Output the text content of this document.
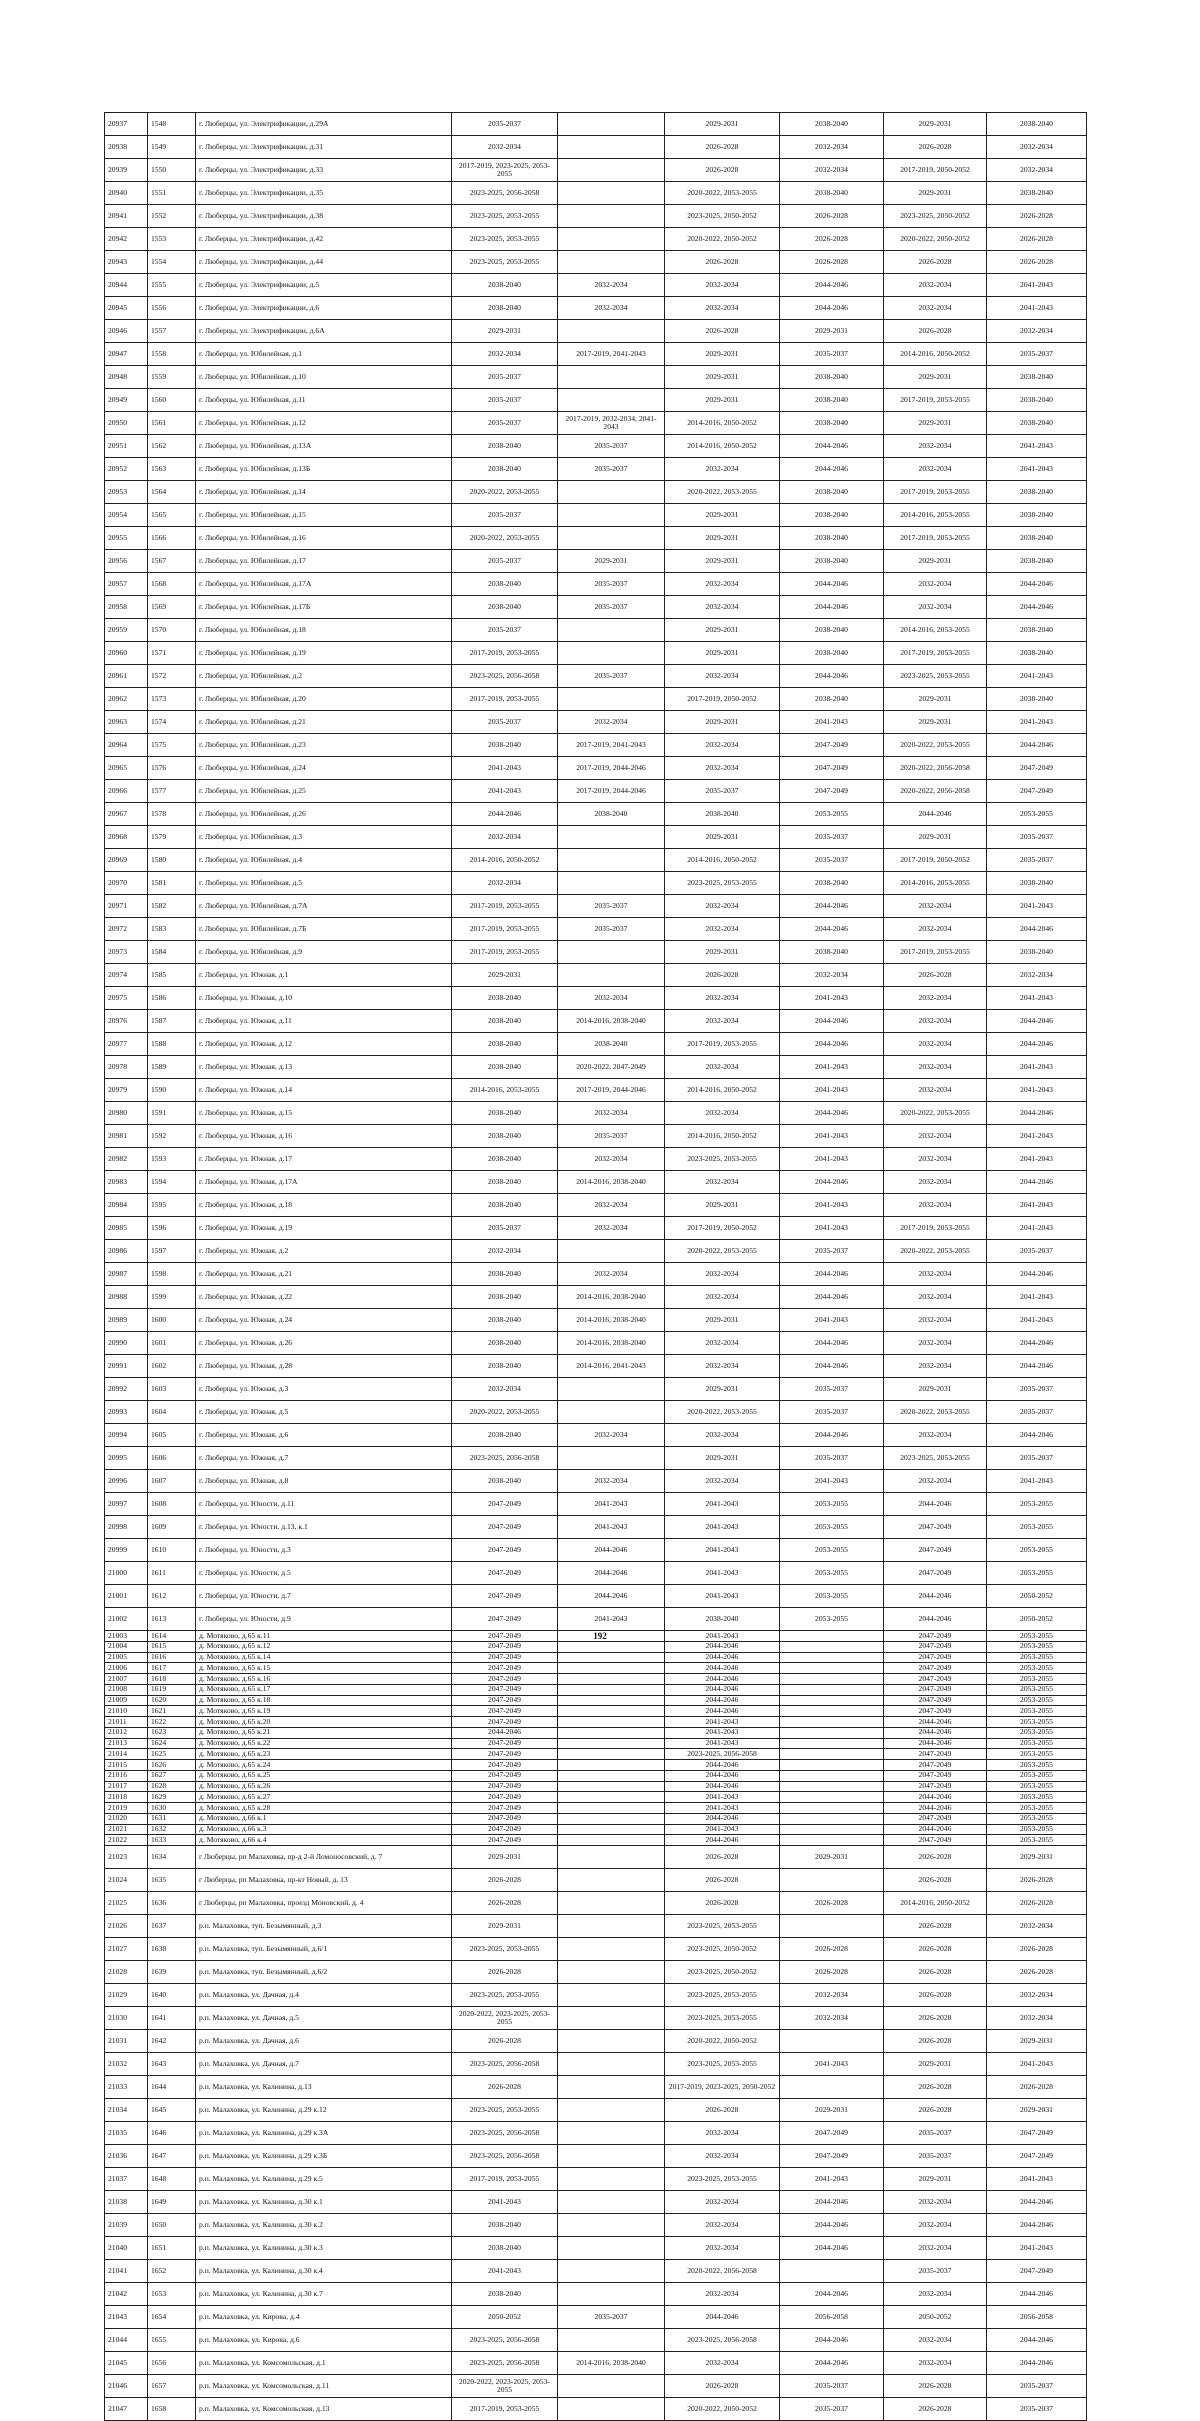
20937	1548	г. Люберцы, ул. Электрификации, д.29А	2035-2037		2029-2031	2038-2040	2029-2031	2038-2040
20938	1549	г. Люберцы, ул. Электрификации, д.31	2032-2034		2026-2028	2032-2034	2026-2028	2032-2034
20939	1550	г. Люберцы, ул. Электрификации, д.33	2017-2019, 2023-2025, 2053-2055		2026-2028	2032-2034	2017-2019, 2050-2052	2032-2034
20940	1551	г. Люберцы, ул. Электрификации, д.35	2023-2025, 2056-2058		2020-2022, 2053-2055	2038-2040	2029-2031	2038-2040
20941	1552	г. Люберцы, ул. Электрификации, д.38	2023-2025, 2053-2055		2023-2025, 2050-2052	2026-2028	2023-2025, 2050-2052	2026-2028
20942	1553	г. Люберцы, ул. Электрификации, д.42	2023-2025, 2053-2055		2020-2022, 2050-2052	2026-2028	2020-2022, 2050-2052	2026-2028
20943	1554	г. Люберцы, ул. Электрификации, д.44	2023-2025, 2053-2055		2026-2028	2026-2028	2026-2028	2026-2028
20944	1555	г. Люберцы, ул. Электрификации, д.5	2038-2040	2032-2034	2032-2034	2044-2046	2032-2034	2041-2043
20945	1556	г. Люберцы, ул. Электрификации, д.6	2038-2040	2032-2034	2032-2034	2044-2046	2032-2034	2041-2043
20946	1557	г. Люберцы, ул. Электрификации, д.6А	2029-2031		2026-2028	2029-2031	2026-2028	2032-2034
20947	1558	г. Люберцы, ул. Юбилейная, д.1	2032-2034	2017-2019, 2041-2043	2029-2031	2035-2037	2014-2016, 2050-2052	2035-2037
20948	1559	г. Люберцы, ул. Юбилейная, д.10	2035-2037		2029-2031	2038-2040	2029-2031	2038-2040
20949	1560	г. Люберцы, ул. Юбилейная, д.11	2035-2037		2029-2031	2038-2040	2017-2019, 2053-2055	2038-2040
20950	1561	г. Люберцы, ул. Юбилейная, д.12	2035-2037	2017-2019, 2032-2034, 2041-2043	2014-2016, 2050-2052	2038-2040	2029-2031	2038-2040
20951	1562	г. Люберцы, ул. Юбилейная, д.13А	2038-2040	2035-2037	2014-2016, 2050-2052	2044-2046	2032-2034	2041-2043
20952	1563	г. Люберцы, ул. Юбилейная, д.13Б	2038-2040	2035-2037	2032-2034	2044-2046	2032-2034	2041-2043
20953	1564	г. Люберцы, ул. Юбилейная, д.14	2020-2022, 2053-2055		2020-2022, 2053-2055	2038-2040	2017-2019, 2053-2055	2038-2040
20954	1565	г. Люберцы, ул. Юбилейная, д.15	2035-2037		2029-2031	2038-2040	2014-2016, 2053-2055	2038-2040
20955	1566	г. Люберцы, ул. Юбилейная, д.16	2020-2022, 2053-2055		2029-2031	2038-2040	2017-2019, 2053-2055	2038-2040
20956	1567	г. Люберцы, ул. Юбилейная, д.17	2035-2037	2029-2031	2029-2031	2038-2040	2029-2031	2038-2040
20957	1568	г. Люберцы, ул. Юбилейная, д.17А	2038-2040	2035-2037	2032-2034	2044-2046	2032-2034	2044-2046
20958	1569	г. Люберцы, ул. Юбилейная, д.17Б	2038-2040	2035-2037	2032-2034	2044-2046	2032-2034	2044-2046
20959	1570	г. Люберцы, ул. Юбилейная, д.18	2035-2037		2029-2031	2038-2040	2014-2016, 2053-2055	2038-2040
20960	1571	г. Люберцы, ул. Юбилейная, д.19	2017-2019, 2053-2055		2029-2031	2038-2040	2017-2019, 2053-2055	2038-2040
20961	1572	г. Люберцы, ул. Юбилейная, д.2	2023-2025, 2056-2058	2035-2037	2032-2034	2044-2046	2023-2025, 2053-2055	2041-2043
20962	1573	г. Люберцы, ул. Юбилейная, д.20	2017-2019, 2053-2055		2017-2019, 2050-2052	2038-2040	2029-2031	2038-2040
20963	1574	г. Люберцы, ул. Юбилейная, д.21	2035-2037	2032-2034	2029-2031	2041-2043	2029-2031	2041-2043
20964	1575	г. Люберцы, ул. Юбилейная, д.23	2038-2040	2017-2019, 2041-2043	2032-2034	2047-2049	2020-2022, 2053-2055	2044-2046
20965	1576	г. Люберцы, ул. Юбилейная, д.24	2041-2043	2017-2019, 2044-2046	2032-2034	2047-2049	2020-2022, 2056-2058	2047-2049
20966	1577	г. Люберцы, ул. Юбилейная, д.25	2041-2043	2017-2019, 2044-2046	2035-2037	2047-2049	2020-2022, 2056-2058	2047-2049
20967	1578	г. Люберцы, ул. Юбилейная, д.26	2044-2046	2038-2040	2038-2040	2053-2055	2044-2046	2053-2055
20968	1579	г. Люберцы, ул. Юбилейная, д.3	2032-2034		2029-2031	2035-2037	2029-2031	2035-2037
20969	1580	г. Люберцы, ул. Юбилейная, д.4	2014-2016, 2050-2052		2014-2016, 2050-2052	2035-2037	2017-2019, 2050-2052	2035-2037
20970	1581	г. Люберцы, ул. Юбилейная, д.5	2032-2034		2023-2025, 2053-2055	2038-2040	2014-2016, 2053-2055	2038-2040
20971	1582	г. Люберцы, ул. Юбилейная, д.7А	2017-2019, 2053-2055	2035-2037	2032-2034	2044-2046	2032-2034	2041-2043
20972	1583	г. Люберцы, ул. Юбилейная, д.7Б	2017-2019, 2053-2055	2035-2037	2032-2034	2044-2046	2032-2034	2044-2046
20973	1584	г. Люберцы, ул. Юбилейная, д.9	2017-2019, 2053-2055		2029-2031	2038-2040	2017-2019, 2053-2055	2038-2040
20974	1585	г. Люберцы, ул. Южная, д.1	2029-2031		2026-2028	2032-2034	2026-2028	2032-2034
20975	1586	г. Люберцы, ул. Южная, д.10	2038-2040	2032-2034	2032-2034	2041-2043	2032-2034	2041-2043
20976	1587	г. Люберцы, ул. Южная, д.11	2038-2040	2014-2016, 2038-2040	2032-2034	2044-2046	2032-2034	2044-2046
20977	1588	г. Люберцы, ул. Южная, д.12	2038-2040	2038-2040	2017-2019, 2053-2055	2044-2046	2032-2034	2044-2046
20978	1589	г. Люберцы, ул. Южная, д.13	2038-2040	2020-2022, 2047-2049	2032-2034	2041-2043	2032-2034	2041-2043
20979	1590	г. Люберцы, ул. Южная, д.14	2014-2016, 2053-2055	2017-2019, 2044-2046	2014-2016, 2050-2052	2041-2043	2032-2034	2041-2043
20980	1591	г. Люберцы, ул. Южная, д.15	2038-2040	2032-2034	2032-2034	2044-2046	2020-2022, 2053-2055	2044-2046
20981	1592	г. Люберцы, ул. Южная, д.16	2038-2040	2035-2037	2014-2016, 2050-2052	2041-2043	2032-2034	2041-2043
20982	1593	г. Люберцы, ул. Южная, д.17	2038-2040	2032-2034	2023-2025, 2053-2055	2041-2043	2032-2034	2041-2043
20983	1594	г. Люберцы, ул. Южная, д.17А	2038-2040	2014-2016, 2038-2040	2032-2034	2044-2046	2032-2034	2044-2046
20984	1595	г. Люберцы, ул. Южная, д.18	2038-2040	2032-2034	2029-2031	2041-2043	2032-2034	2041-2043
20985	1596	г. Люберцы, ул. Южная, д.19	2035-2037	2032-2034	2017-2019, 2050-2052	2041-2043	2017-2019, 2053-2055	2041-2043
20986	1597	г. Люберцы, ул. Южная, д.2	2032-2034		2020-2022, 2053-2055	2035-2037	2020-2022, 2053-2055	2035-2037
20987	1598	г. Люберцы, ул. Южная, д.21	2038-2040	2032-2034	2032-2034	2044-2046	2032-2034	2044-2046
20988	1599	г. Люберцы, ул. Южная, д.22	2038-2040	2014-2016, 2038-2040	2032-2034	2044-2046	2032-2034	2041-2043
20989	1600	г. Люберцы, ул. Южная, д.24	2038-2040	2014-2016, 2038-2040	2029-2031	2041-2043	2032-2034	2041-2043
20990	1601	г. Люберцы, ул. Южная, д.26	2038-2040	2014-2016, 2038-2040	2032-2034	2044-2046	2032-2034	2044-2046
20991	1602	г. Люберцы, ул. Южная, д.28	2038-2040	2014-2016, 2041-2043	2032-2034	2044-2046	2032-2034	2044-2046
20992	1603	г. Люберцы, ул. Южная, д.3	2032-2034		2029-2031	2035-2037	2029-2031	2035-2037
20993	1604	г. Люберцы, ул. Южная, д.5	2020-2022, 2053-2055		2020-2022, 2053-2055	2035-2037	2020-2022, 2053-2055	2035-2037
20994	1605	г. Люберцы, ул. Южная, д.6	2038-2040	2032-2034	2032-2034	2044-2046	2032-2034	2044-2046
20995	1606	г. Люберцы, ул. Южная, д.7	2023-2025, 2056-2058		2029-2031	2035-2037	2023-2025, 2053-2055	2035-2037
20996	1607	г. Люберцы, ул. Южная, д.8	2038-2040	2032-2034	2032-2034	2041-2043	2032-2034	2041-2043
20997	1608	г. Люберцы, ул. Юности, д.11	2047-2049	2041-2043	2041-2043	2053-2055	2044-2046	2053-2055
20998	1609	г. Люберцы, ул. Юности, д.13, к.1	2047-2049	2041-2043	2041-2043	2053-2055	2047-2049	2053-2055
20999	1610	г. Люберцы, ул. Юности, д.3	2047-2049	2044-2046	2041-2043	2053-2055	2047-2049	2053-2055
21000	1611	г. Люберцы, ул. Юности, д.5	2047-2049	2044-2046	2041-2043	2053-2055	2047-2049	2053-2055
21001	1612	г. Люберцы, ул. Юности, д.7	2047-2049	2044-2046	2041-2043	2053-2055	2044-2046	2050-2052
21002	1613	г. Люберцы, ул. Юности, д.9	2047-2049	2041-2043	2038-2040	2053-2055	2044-2046	2050-2052
21003	1614	д. Мотяково, д.65 к.11	2047-2049		2041-2043		2047-2049	2053-2055
21004	1615	д. Мотяково, д.65 к.12	2047-2049		2044-2046		2047-2049	2053-2055
21005	1616	д. Мотяково, д.65 к.14	2047-2049		2044-2046		2047-2049	2053-2055
21006	1617	д. Мотяково, д.65 к.15	2047-2049		2044-2046		2047-2049	2053-2055
21007	1618	д. Мотяково, д.65 к.16	2047-2049		2044-2046		2047-2049	2053-2055
21008	1619	д. Мотяково, д.65 к.17	2047-2049		2044-2046		2047-2049	2053-2055
21009	1620	д. Мотяково, д.65 к.18	2047-2049		2044-2046		2047-2049	2053-2055
21010	1621	д. Мотяково, д.65 к.19	2047-2049		2044-2046		2047-2049	2053-2055
21011	1622	д. Мотяково, д.65 к.20	2047-2049		2041-2043		2044-2046	2053-2055
21012	1623	д. Мотяково, д.65 к.21	2044-2046		2041-2043		2044-2046	2053-2055
21013	1624	д. Мотяково, д.65 к.22	2047-2049		2041-2043		2044-2046	2053-2055
21014	1625	д. Мотяково, д.65 к.23	2047-2049		2023-2025, 2056-2058		2047-2049	2053-2055
21015	1626	д. Мотяково, д.65 к.24	2047-2049		2044-2046		2047-2049	2053-2055
21016	1627	д. Мотяково, д.65 к.25	2047-2049		2044-2046		2047-2049	2053-2055
21017	1628	д. Мотяково, д.65 к.26	2047-2049		2044-2046		2047-2049	2053-2055
21018	1629	д. Мотяково, д.65 к.27	2047-2049		2041-2043		2044-2046	2053-2055
21019	1630	д. Мотяково, д.65 к.28	2047-2049		2041-2043		2044-2046	2053-2055
21020	1631	д. Мотяково, д.66 к.1	2047-2049		2044-2046		2047-2049	2053-2055
21021	1632	д. Мотяково, д.66 к.3	2047-2049		2041-2043		2044-2046	2053-2055
21022	1633	д. Мотяково, д.66 к.4	2047-2049		2044-2046		2047-2049	2053-2055
21023	1634	г Люберцы, рп Малаховка, пр-д 2-й Ломоносовский, д. 7	2029-2031		2026-2028	2029-2031	2026-2028	2029-2031
21024	1635	г Люберцы, рп Малаховка, пр-кт Новый, д. 13	2026-2028		2026-2028		2026-2028	2026-2028
21025	1636	г Люберцы, рп Малаховка, проезд Моновский, д. 4	2026-2028		2026-2028	2026-2028	2014-2016, 2050-2052	2026-2028
21026	1637	р.п. Малаховка, туп. Безымянный, д.3	2029-2031		2023-2025, 2053-2055		2026-2028	2032-2034
21027	1638	р.п. Малаховка, туп. Безымянный, д.6/1	2023-2025, 2053-2055		2023-2025, 2050-2052	2026-2028	2026-2028	2026-2028
21028	1639	р.п. Малаховка, туп. Безымянный, д.6/2	2026-2028		2023-2025, 2050-2052	2026-2028	2026-2028	2026-2028
21029	1640	р.п. Малаховка, ул. Дачная, д.4	2023-2025, 2053-2055		2023-2025, 2053-2055	2032-2034	2026-2028	2032-2034
21030	1641	р.п. Малаховка, ул. Дачная, д.5	2020-2022, 2023-2025, 2053-2055		2023-2025, 2053-2055	2032-2034	2026-2028	2032-2034
21031	1642	р.п. Малаховка, ул. Дачная, д.6	2026-2028		2020-2022, 2050-2052		2026-2028	2029-2031
21032	1643	р.п. Малаховка, ул. Дачная, д.7	2023-2025, 2056-2058		2023-2025, 2053-2055	2041-2043	2029-2031	2041-2043
21033	1644	р.п. Малаховка, ул. Калинина, д.13	2026-2028		2017-2019, 2023-2025, 2050-2052		2026-2028	2026-2028
21034	1645	р.п. Малаховка, ул. Калинина, д.29 к.12	2023-2025, 2053-2055		2026-2028	2029-2031	2026-2028	2029-2031
21035	1646	р.п. Малаховка, ул. Калинина, д.29 к.3А	2023-2025, 2056-2058		2032-2034	2047-2049	2035-2037	2047-2049
21036	1647	р.п. Малаховка, ул. Калинина, д.29 к.3Б	2023-2025, 2056-2058		2032-2034	2047-2049	2035-2037	2047-2049
21037	1648	р.п. Малаховка, ул. Калинина, д.29 к.5	2017-2019, 2053-2055		2023-2025, 2053-2055	2041-2043	2029-2031	2041-2043
21038	1649	р.п. Малаховка, ул. Калинина, д.30 к.1	2041-2043		2032-2034	2044-2046	2032-2034	2044-2046
21039	1650	р.п. Малаховка, ул. Калинина, д.30 к.2	2038-2040		2032-2034	2044-2046	2032-2034	2044-2046
21040	1651	р.п. Малаховка, ул. Калинина, д.30 к.3	2038-2040		2032-2034	2044-2046	2032-2034	2041-2043
21041	1652	р.п. Малаховка, ул. Калинина, д.30 к.4	2041-2043		2020-2022, 2056-2058		2035-2037	2047-2049
21042	1653	р.п. Малаховка, ул. Калинина, д.30 к.7	2038-2040		2032-2034	2044-2046	2032-2034	2044-2046
21043	1654	р.п. Малаховка, ул. Кирова, д.4	2050-2052	2035-2037	2044-2046	2056-2058	2050-2052	2056-2058
21044	1655	р.п. Малаховка, ул. Кирова, д.6	2023-2025, 2056-2058		2023-2025, 2056-2058	2044-2046	2032-2034	2044-2046
21045	1656	р.п. Малаховка, ул. Комсомольская, д.1	2023-2025, 2056-2058	2014-2016, 2038-2040	2032-2034	2044-2046	2032-2034	2044-2046
21046	1657	р.п. Малаховка, ул. Комсомольская, д.11	2020-2022, 2023-2025, 2053-2055		2026-2028	2035-2037	2026-2028	2035-2037
21047	1658	р.п. Малаховка, ул. Комсомольская, д.13	2017-2019, 2053-2055		2020-2022, 2050-2052	2035-2037	2026-2028	2035-2037
192
